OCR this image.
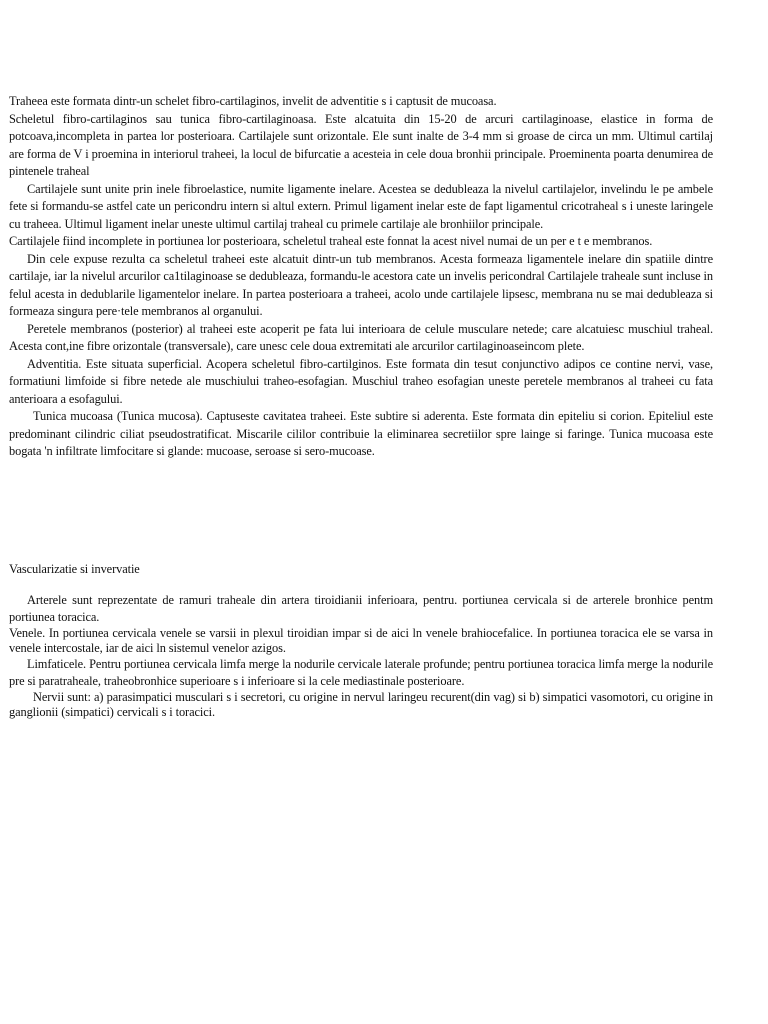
Traheea este formata dintr-un schelet fibro-cartilaginos, invelit de adventitie s i captusit de mucoasa.

Scheletul fibro-cartilaginos sau tunica fibro-cartilaginoasa. Este alcatuita din 15-20 de arcuri cartilaginoase, elastice in forma de potcoava,incompleta in partea lor posterioara. Cartilajele sunt orizontale. Ele sunt inalte de 3-4 mm si groase de circa un mm. Ultimul cartilaj are forma de V i proemina in interiorul traheei, la locul de bifurcatie a acesteia in cele doua bronhii principale. Proeminenta poarta denumirea de pintenele traheal

Cartilajele sunt unite prin inele fibroelastice, numite ligamente inelare. Acestea se dedubleaza la nivelul cartilajelor, invelindu le pe ambele fete si formandu-se astfel cate un pericondru intern si altul extern. Primul ligament inelar este de fapt ligamentul cricotraheal s i uneste laringele cu traheea. Ultimul ligament inelar uneste ultimul cartilaj traheal cu primele cartilaje ale bronhiilor principale.

Cartilajele fiind incomplete in portiunea lor posterioara, scheletul traheal este fonnat la acest nivel numai de un per e t e membranos.

Din cele expuse rezulta ca scheletul traheei este alcatuit dintr-un tub membranos. Acesta formeaza ligamentele inelare din spatiile dintre cartilaje, iar la nivelul arcurilor ca1tilaginoase se dedubleaza, formandu-le acestora cate un invelis pericondral Cartilajele traheale sunt incluse in felul acesta in dedublarile ligamentelor inelare. In partea posterioara a traheei, acolo unde cartilajele lipsesc, membrana nu se mai dedubleaza si formeaza singura pere·tele membranos al organului.

Peretele membranos (posterior) al traheei este acoperit pe fata lui interioara de celule musculare netede; care alcatuiesc muschiul traheal. Acesta cont,ine fibre orizontale (transversale), care unesc cele doua extremitati ale arcurilor cartilaginoaseincom plete.

Adventitia. Este situata superficial. Acopera scheletul fibro-cartilginos. Este formata din tesut conjunctivo adipos ce contine nervi, vase, formatiuni limfoide si fibre netede ale muschiului traheo-esofagian. Muschiul traheo esofagian uneste peretele membranos al traheei cu fata anterioara a esofagului.

Tunica mucoasa (Tunica mucosa). Captuseste cavitatea traheei. Este subtire si aderenta. Este formata din epiteliu si corion. Epiteliul este predominant cilindric ciliat pseudostratificat. Miscarile cililor contribuie la eliminarea secretiilor spre lainge si faringe. Tunica mucoasa este bogata 'n infiltrate limfocitare si glande: mucoase, seroase si sero-mucoase.

Vascularizatie si invervatie

Arterele sunt reprezentate de ramuri traheale din artera tiroidianii inferioara, pentru. portiunea cervicala si de arterele bronhice pentm portiunea toracica.

Venele. In portiunea cervicala venele se varsii in plexul tiroidian impar si de aici ln venele brahiocefalice. In portiunea toracica ele se varsa in venele intercostale, iar de aici ln sistemul venelor azigos.

Limfaticele. Pentru portiunea cervicala limfa merge la nodurile cervicale laterale profunde; pentru portiunea toracica limfa merge la nodurile pre si paratraheale, traheobronhice superioare s i inferioare si la cele mediastinale posterioare.

Nervii sunt: a) parasimpatici musculari s i secretori, cu origine in nervul laringeu recurent(din vag) si b) simpatici vasomotori, cu origine in ganglionii (simpatici) cervicali s i toracici.
